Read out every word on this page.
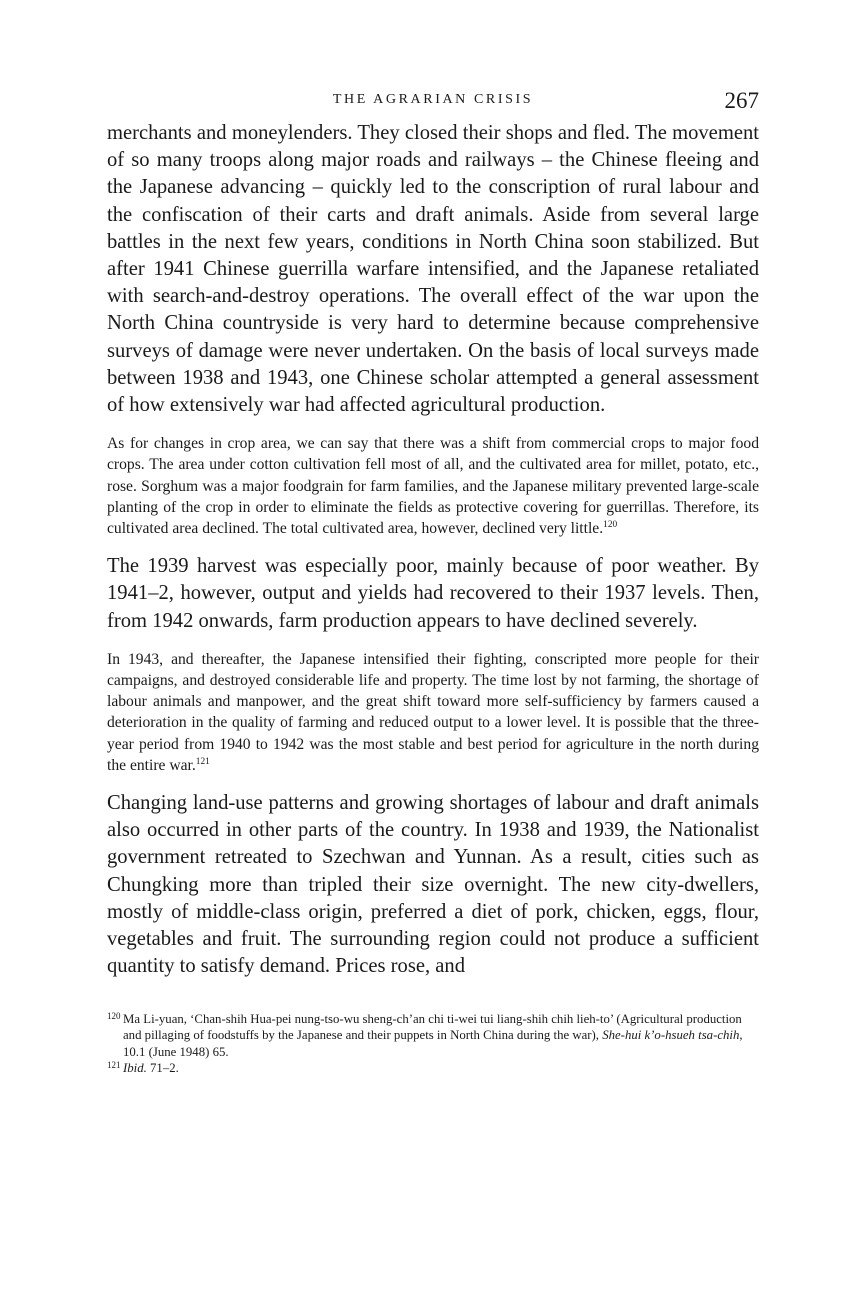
THE AGRARIAN CRISIS	267

merchants and moneylenders. They closed their shops and fled. The movement of so many troops along major roads and railways – the Chinese fleeing and the Japanese advancing – quickly led to the conscription of rural labour and the confiscation of their carts and draft animals. Aside from several large battles in the next few years, conditions in North China soon stabilized. But after 1941 Chinese guerrilla warfare intensified, and the Japanese retaliated with search-and-destroy operations. The overall effect of the war upon the North China countryside is very hard to determine because comprehensive surveys of damage were never undertaken. On the basis of local surveys made between 1938 and 1943, one Chinese scholar attempted a general assessment of how extensively war had affected agricultural production.

As for changes in crop area, we can say that there was a shift from commercial crops to major food crops. The area under cotton cultivation fell most of all, and the cultivated area for millet, potato, etc., rose. Sorghum was a major foodgrain for farm families, and the Japanese military prevented large-scale planting of the crop in order to eliminate the fields as protective covering for guerrillas. Therefore, its cultivated area declined. The total cultivated area, however, declined very little.$^{120}$

The 1939 harvest was especially poor, mainly because of poor weather. By 1941–2, however, output and yields had recovered to their 1937 levels. Then, from 1942 onwards, farm production appears to have declined severely.

In 1943, and thereafter, the Japanese intensified their fighting, conscripted more people for their campaigns, and destroyed considerable life and property. The time lost by not farming, the shortage of labour animals and manpower, and the great shift toward more self-sufficiency by farmers caused a deterioration in the quality of farming and reduced output to a lower level. It is possible that the three-year period from 1940 to 1942 was the most stable and best period for agriculture in the north during the entire war.$^{121}$

Changing land-use patterns and growing shortages of labour and draft animals also occurred in other parts of the country. In 1938 and 1939, the Nationalist government retreated to Szechwan and Yunnan. As a result, cities such as Chungking more than tripled their size overnight. The new city-dwellers, mostly of middle-class origin, preferred a diet of pork, chicken, eggs, flour, vegetables and fruit. The surrounding region could not produce a sufficient quantity to satisfy demand. Prices rose, and

120 Ma Li-yuan, ‘Chan-shih Hua-pei nung-tso-wu sheng-ch’an chi ti-wei tui liang-shih chih lieh-to’ (Agricultural production and pillaging of foodstuffs by the Japanese and their puppets in North China during the war), She-hui k’o-hsueh tsa-chih, 10.1 (June 1948) 65.
121 Ibid. 71–2.
